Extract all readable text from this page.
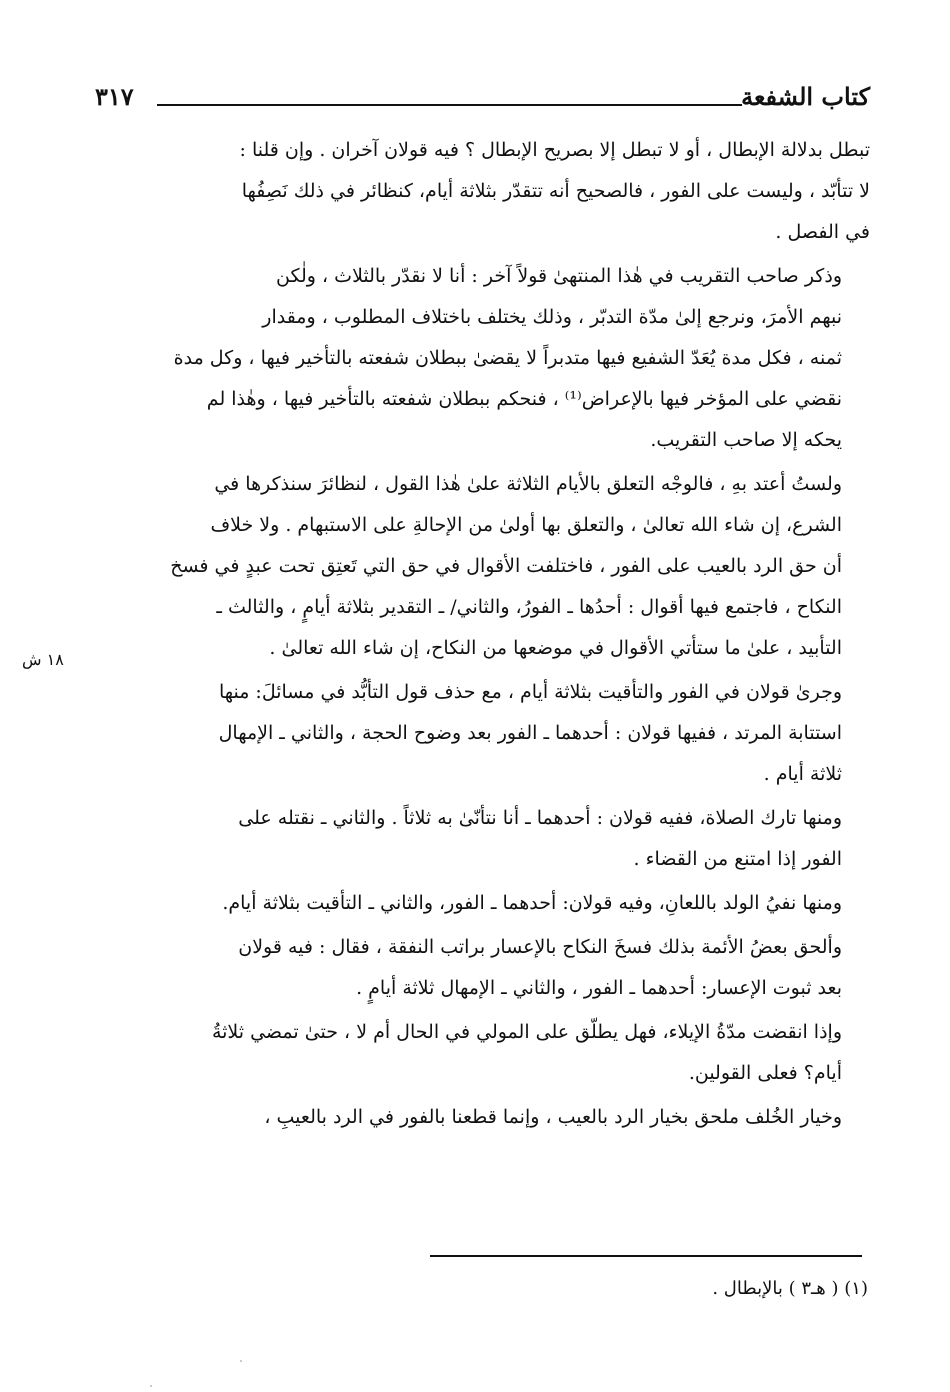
كتاب الشفعة
٣١٧
تبطل بدلالة الإبطال ، أو لا تبطل إلا بصريح الإبطال ؟ فيه قولان آخران . وإن قلنا :
لا تتأبّد ، وليست على الفور ، فالصحيح أنه تتقدّر بثلاثة أيام، كنظائر في ذلك نَصِفُها
في الفصل .
وذكر صاحب التقريب في هٰذا المنتهىٰ قولاً آخر : أنا لا نقدّر بالثلاث ، ولٰكن
نبهم الأمرَ، ونرجع إلىٰ مدّة التدبّر ، وذلك يختلف باختلاف المطلوب ، ومقدار
ثمنه ، فكل مدة يُعَدّ الشفيع فيها متدبراً لا يقضىٰ ببطلان شفعته بالتأخير فيها ، وكل مدة
نقضي على المؤخر فيها بالإعراض⁽¹⁾ ، فنحكم ببطلان شفعته بالتأخير فيها ، وهٰذا لم
يحكه إلا صاحب التقريب.
ولستُ أعتد بهِ ، فالوجْه التعلق بالأيام الثلاثة علىٰ هٰذا القول ، لنظائرَ سنذكرها في
الشرع، إن شاء الله تعالىٰ ، والتعلق بها أولىٰ من الإحالةِ على الاستبهام . ولا خلاف
أن حق الرد بالعيب على الفور ، فاختلفت الأقوال في حق التي تَعتِق تحت عبدٍ في فسخ
النكاح ، فاجتمع فيها أقوال : أحدُها ـ الفورُ، والثاني/ ـ التقدير بثلاثة أيامٍ ، والثالث ـ
التأبيد ، علىٰ ما ستأتي الأقوال في موضعها من النكاح، إن شاء الله تعالىٰ .
وجرىٰ قولان في الفور والتأقيت بثلاثة أيام ، مع حذف قول التأبُّد في مسائلَ: منها
استتابة المرتد ، ففيها قولان : أحدهما ـ الفور بعد وضوح الحجة ، والثاني ـ الإمهال
ثلاثة أيام .
ومنها تارك الصلاة، ففيه قولان : أحدهما ـ أنا نتأنّىٰ به ثلاثاً . والثاني ـ نقتله على
الفور إذا امتنع من القضاء .
ومنها نفيُ الولد باللعانِ، وفيه قولان: أحدهما ـ الفور، والثاني ـ التأقيت بثلاثة أيام.
وألحق بعضُ الأئمة بذلك فسخَ النكاح بالإعسار براتب النفقة ، فقال : فيه قولان
بعد ثبوت الإعسار: أحدهما ـ الفور ، والثاني ـ الإمهال ثلاثة أيامٍ .
وإذا انقضت مدّةُ الإيلاء، فهل يطلّق على المولي في الحال أم لا ، حتىٰ تمضي ثلاثةُ
أيام؟ فعلى القولين.
وخيار الخُلف ملحق بخيار الرد بالعيب ، وإنما قطعنا بالفور في الرد بالعيبِ ،
١٨ ش
(١) ( هـ٣ ) بالإبطال .
